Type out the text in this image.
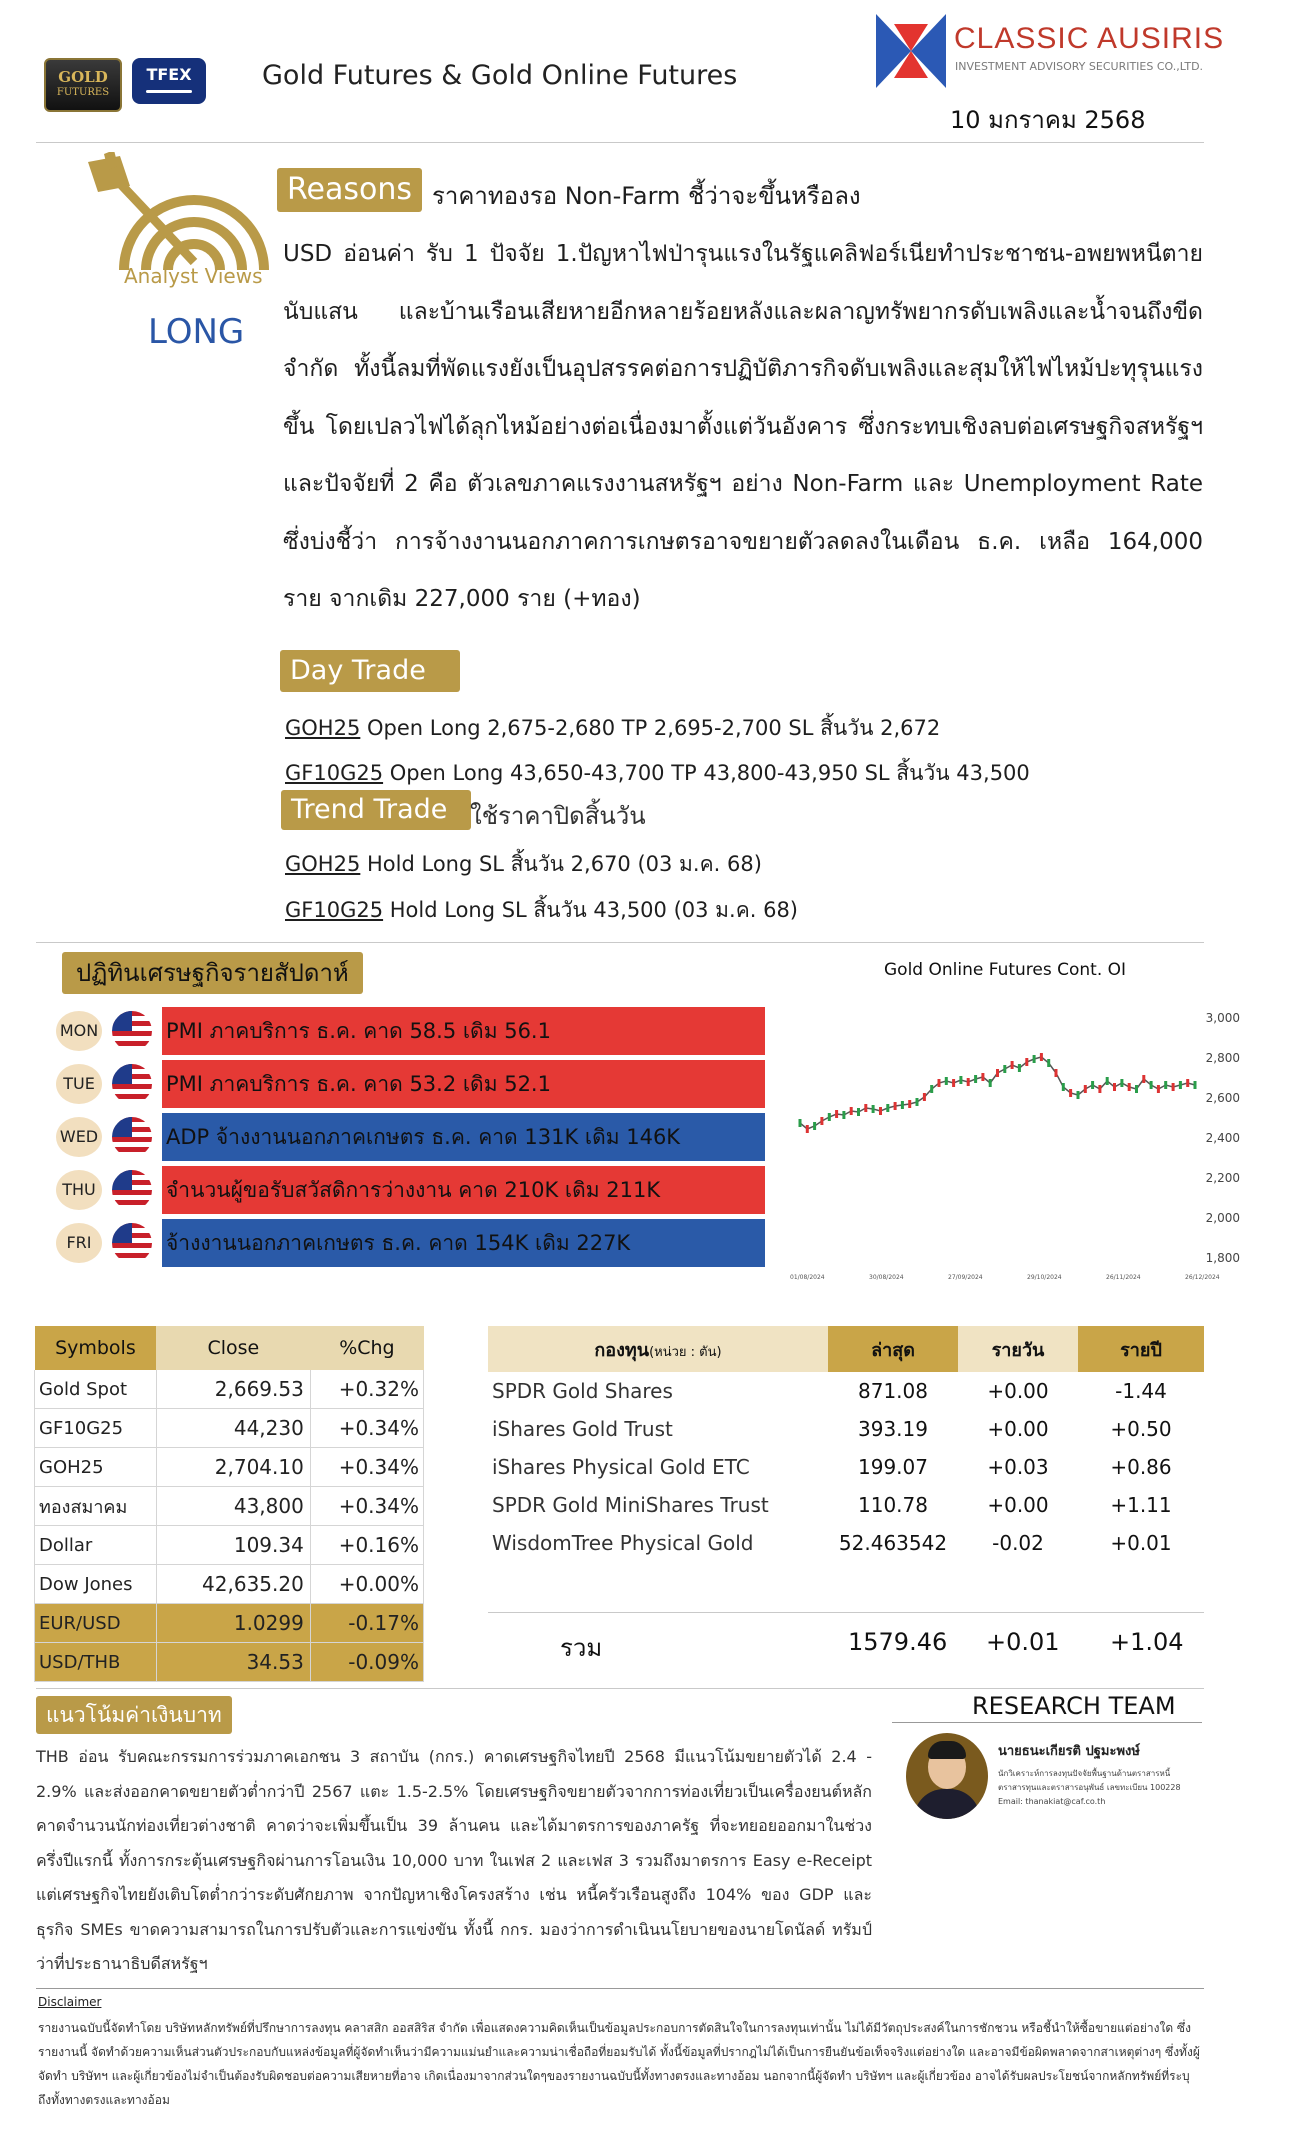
GOLD
FUTURES
TFEX	Gold Futures & Gold Online Futures
CLASSIC AUSIRIS
INVESTMENT ADVISORY SECURITIES CO.,LTD.
10 มกราคม 2568
Analyst Views
LONG
Reasons ราคาทองรอ Non-Farm ชี้ว่าจะขึ้นหรือลง
USD อ่อนค่า รับ 1 ปัจจัย 1.ปัญหาไฟป่ารุนแรงในรัฐแคลิฟอร์เนียทำประชาชน-อพยพหนีตายนับแสน และบ้านเรือนเสียหายอีกหลายร้อยหลังและผลาญทรัพยากรดับเพลิงและน้ำจนถึงขีดจำกัด ทั้งนี้ลมที่พัดแรงยังเป็นอุปสรรคต่อการปฏิบัติภารกิจดับเพลิงและสุมให้ไฟไหม้ปะทุรุนแรงขึ้น โดยเปลวไฟได้ลุกไหม้อย่างต่อเนื่องมาตั้งแต่วันอังคาร ซึ่งกระทบเชิงลบต่อเศรษฐกิจสหรัฐฯ และปัจจัยที่ 2 คือ ตัวเลขภาคแรงงานสหรัฐฯ อย่าง Non-Farm และ Unemployment Rate ซึ่งบ่งชี้ว่า การจ้างงานนอกภาคการเกษตรอาจขยายตัวลดลงในเดือน ธ.ค. เหลือ 164,000 ราย จากเดิม 227,000 ราย (+ทอง)
Day Trade
GOH25 Open Long 2,675-2,680 TP 2,695-2,700 SL สิ้นวัน 2,672
GF10G25 Open Long 43,650-43,700 TP 43,800-43,950 SL สิ้นวัน 43,500
Trend Trade ใช้ราคาปิดสิ้นวัน
GOH25 Hold Long SL สิ้นวัน 2,670 (03 ม.ค. 68)
GF10G25 Hold Long SL สิ้นวัน 43,500 (03 ม.ค. 68)
ปฏิทินเศรษฐกิจรายสัปดาห์
MON	PMI ภาคบริการ ธ.ค. คาด 58.5 เดิม 56.1
TUE	PMI ภาคบริการ ธ.ค. คาด 53.2 เดิม 52.1
WED	ADP จ้างงานนอกภาคเกษตร ธ.ค. คาด 131K เดิม 146K
THU	จำนวนผู้ขอรับสวัสดิการว่างงาน คาด 210K เดิม 211K
FRI	จ้างงานนอกภาคเกษตร ธ.ค. คาด 154K เดิม 227K
Gold Online Futures Cont. OI
3,000
2,800
2,600
2,400
2,200
2,000
1,800
01/08/2024	30/08/2024	27/09/2024	29/10/2024	26/11/2024	26/12/2024
Symbols	Close	%Chg
Gold Spot	2,669.53	+0.32%
GF10G25	44,230	+0.34%
GOH25	2,704.10	+0.34%
ทองสมาคม	43,800	+0.34%
Dollar	109.34	+0.16%
Dow Jones	42,635.20	+0.00%
EUR/USD	1.0299	-0.17%
USD/THB	34.53	-0.09%
กองทุน(หน่วย : ตัน)	ล่าสุด	รายวัน	รายปี
SPDR Gold Shares	871.08	+0.00	-1.44
iShares Gold Trust	393.19	+0.00	+0.50
iShares Physical Gold ETC	199.07	+0.03	+0.86
SPDR Gold MiniShares Trust	110.78	+0.00	+1.11
WisdomTree Physical Gold	52.463542	-0.02	+0.01
รวม	1579.46 +0.01 +1.04
แนวโน้มค่าเงินบาท
THB อ่อน รับคณะกรรมการร่วมภาคเอกชน 3 สถาบัน (กกร.) คาดเศรษฐกิจไทยปี 2568 มีแนวโน้มขยายตัวได้ 2.4 - 2.9% และส่งออกคาดขยายตัวต่ำกว่าปี 2567 แตะ 1.5-2.5% โดยเศรษฐกิจขยายตัวจากการท่องเที่ยวเป็นเครื่องยนต์หลัก คาดจำนวนนักท่องเที่ยวต่างชาติ คาดว่าจะเพิ่มขึ้นเป็น 39 ล้านคน และได้มาตรการของภาครัฐ ที่จะทยอยออกมาในช่วงครึ่งปีแรกนี้ ทั้งการกระตุ้นเศรษฐกิจผ่านการโอนเงิน 10,000 บาท ในเฟส 2 และเฟส 3 รวมถึงมาตรการ Easy e-Receipt แต่เศรษฐกิจไทยยังเติบโตต่ำกว่าระดับศักยภาพ จากปัญหาเชิงโครงสร้าง เช่น หนี้ครัวเรือนสูงถึง 104% ของ GDP และธุรกิจ SMEs ขาดความสามารถในการปรับตัวและการแข่งขัน ทั้งนี้ กกร. มองว่าการดำเนินนโยบายของนายโดนัลด์ ทรัมป์ ว่าที่ประธานาธิบดีสหรัฐฯ
RESEARCH TEAM

นายธนะเกียรติ ปฐมะพงษ์

นักวิเคราะห์การลงทุนปัจจัยพื้นฐานด้านตราสารหนี้

ตราสารทุนและตราสารอนุพันธ์ เลขทะเบียน 100228

Email: thanakiat@caf.co.th

Disclaimer
รายงานฉบับนี้จัดทำโดย บริษัทหลักทรัพย์ที่ปรึกษาการลงทุน คลาสสิก ออสสิริส จำกัด เพื่อแสดงความคิดเห็นเป็นข้อมูลประกอบการตัดสินใจในการลงทุนเท่านั้น ไม่ได้มีวัตถุประสงค์ในการชักชวน หรือชี้นำให้ซื้อขายแต่อย่างใด ซึ่งรายงานนี้ จัดทำด้วยความเห็นส่วนตัวประกอบกับแหล่งข้อมูลที่ผู้จัดทำเห็นว่ามีความแม่นยำและความน่าเชื่อถือที่ยอมรับได้ ทั้งนี้ข้อมูลที่ปรากฎไม่ได้เป็นการยืนยันข้อเท็จจริงแต่อย่างใด และอาจมีข้อผิดพลาดจากสาเหตุต่างๆ ซึ่งทั้งผู้จัดทำ บริษัทฯ และผู้เกี่ยวข้องไม่จำเป็นต้องรับผิดชอบต่อความเสียหายที่อาจ เกิดเนื่องมาจากส่วนใดๆของรายงานฉบับนี้ทั้งทางตรงและทางอ้อม นอกจากนี้ผู้จัดทำ บริษัทฯ และผู้เกี่ยวข้อง อาจได้รับผลประโยชน์จากหลักทรัพย์ที่ระบุถึงทั้งทางตรงและทางอ้อม
